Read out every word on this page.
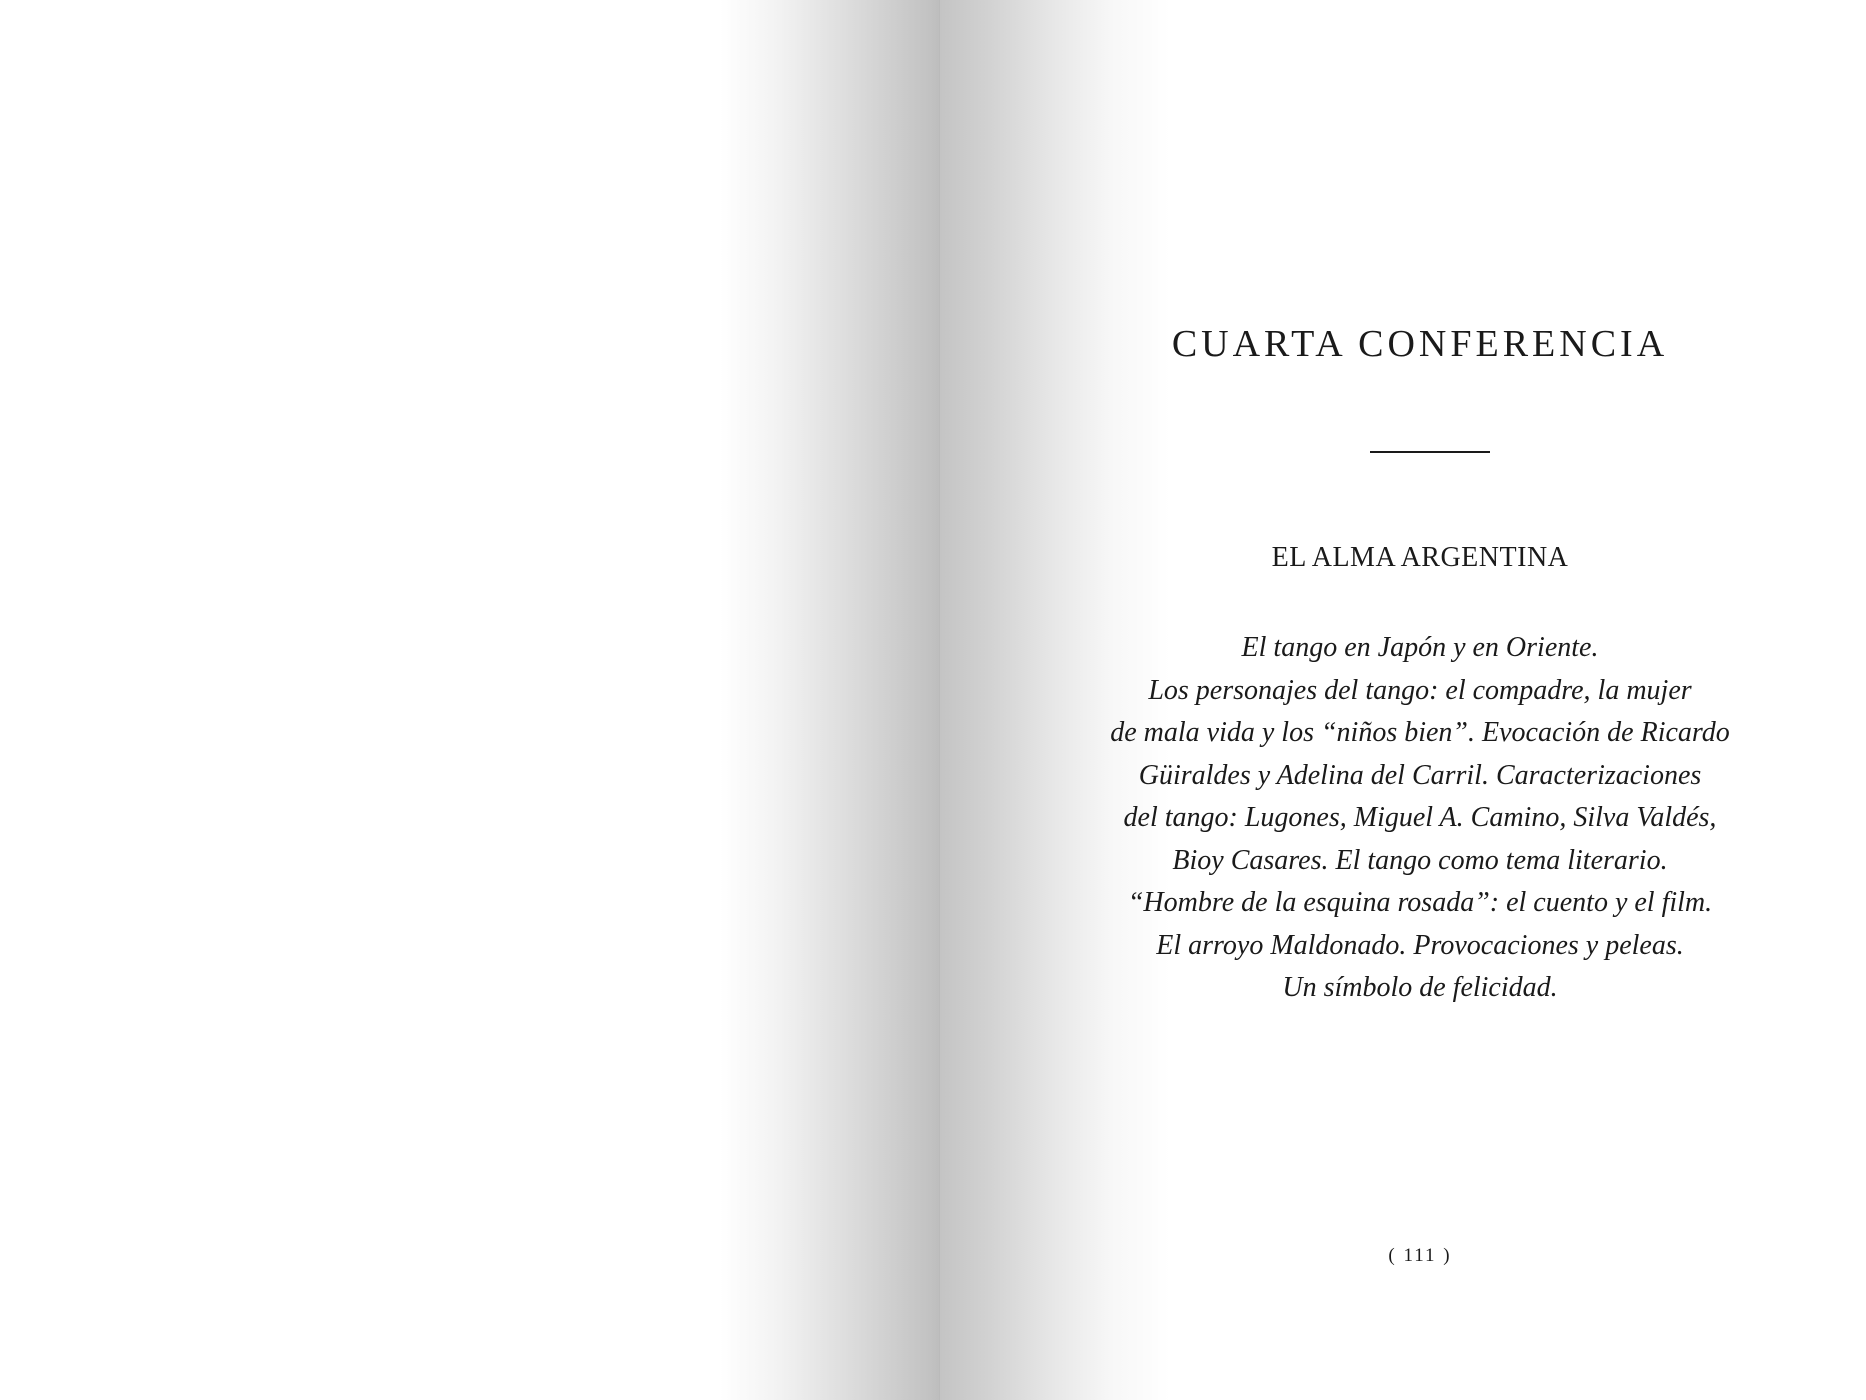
CUARTA CONFERENCIA
EL ALMA ARGENTINA
El tango en Japón y en Oriente.
Los personajes del tango: el compadre, la mujer
de mala vida y los “niños bien”. Evocación de Ricardo
Güiraldes y Adelina del Carril. Caracterizaciones
del tango: Lugones, Miguel A. Camino, Silva Valdés,
Bioy Casares. El tango como tema literario.
“Hombre de la esquina rosada”: el cuento y el film.
El arroyo Maldonado. Provocaciones y peleas.
Un símbolo de felicidad.
( 111 )
